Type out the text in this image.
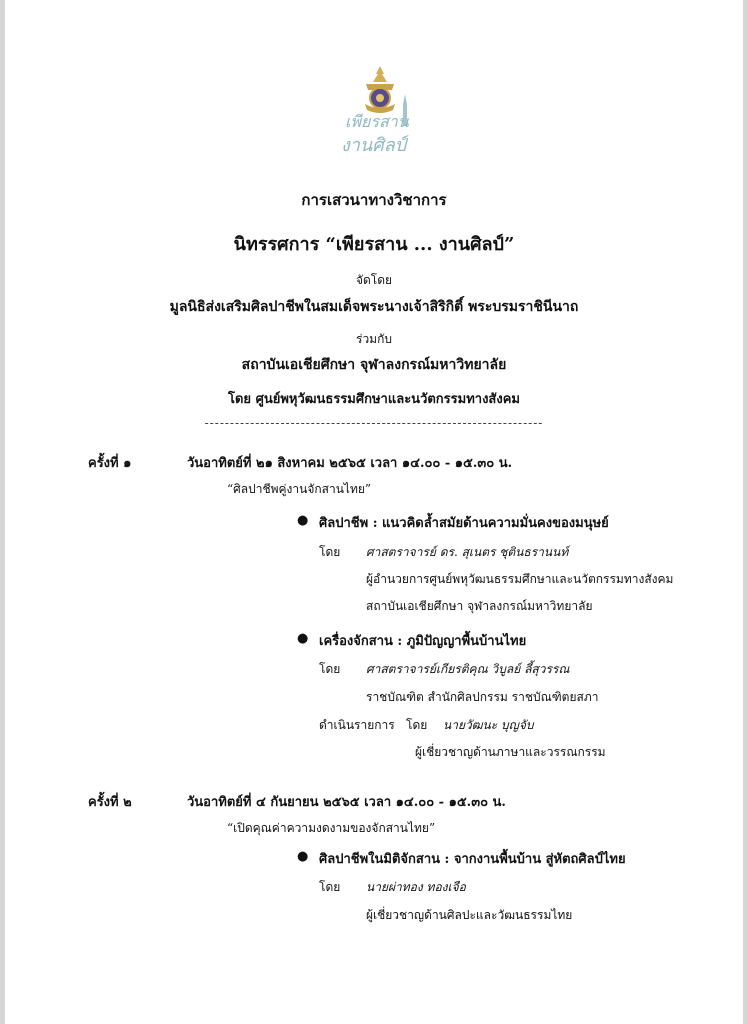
เพียรสาน
งานศิลป์
การเสวนาทางวิชาการ
นิทรรศการ “เพียรสาน ... งานศิลป์”
จัดโดย
มูลนิธิส่งเสริมศิลปาชีพในสมเด็จพระนางเจ้าสิริกิติ์ พระบรมราชินีนาถ
ร่วมกับ
สถาบันเอเชียศึกษา จุฬาลงกรณ์มหาวิทยาลัย
โดย ศูนย์พหุวัฒนธรรมศึกษาและนวัตกรรมทางสังคม
-------------------------------------------------------------------
ครั้งที่ ๑	วันอาทิตย์ที่ ๒๑ สิงหาคม ๒๕๖๕ เวลา ๑๔.๐๐ - ๑๕.๓๐ น.
“ศิลปาชีพคู่งานจักสานไทย”
● ศิลปาชีพ : แนวคิดล้ำสมัยด้านความมั่นคงของมนุษย์
โดย ศาสตราจารย์ ดร. สุเนตร ชุตินธรานนท์
ผู้อำนวยการศูนย์พหุวัฒนธรรมศึกษาและนวัตกรรมทางสังคม
สถาบันเอเชียศึกษา จุฬาลงกรณ์มหาวิทยาลัย
● เครื่องจักสาน : ภูมิปัญญาพื้นบ้านไทย
โดย ศาสตราจารย์เกียรติคุณ วิบูลย์ ลี้สุวรรณ
ราชบัณฑิต สำนักศิลปกรรม ราชบัณฑิตยสภา
ดำเนินรายการ โดย นายวัฒนะ บุญจับ
ผู้เชี่ยวชาญด้านภาษาและวรรณกรรม
ครั้งที่ ๒	วันอาทิตย์ที่ ๔ กันยายน ๒๕๖๕ เวลา ๑๔.๐๐ - ๑๕.๓๐ น.
“เปิดคุณค่าความงดงามของจักสานไทย”
● ศิลปาชีพในมิติจักสาน : จากงานพื้นบ้าน สู่หัตถศิลป์ไทย
โดย นายผ่าทอง ทองเจือ
ผู้เชี่ยวชาญด้านศิลปะและวัฒนธรรมไทย
